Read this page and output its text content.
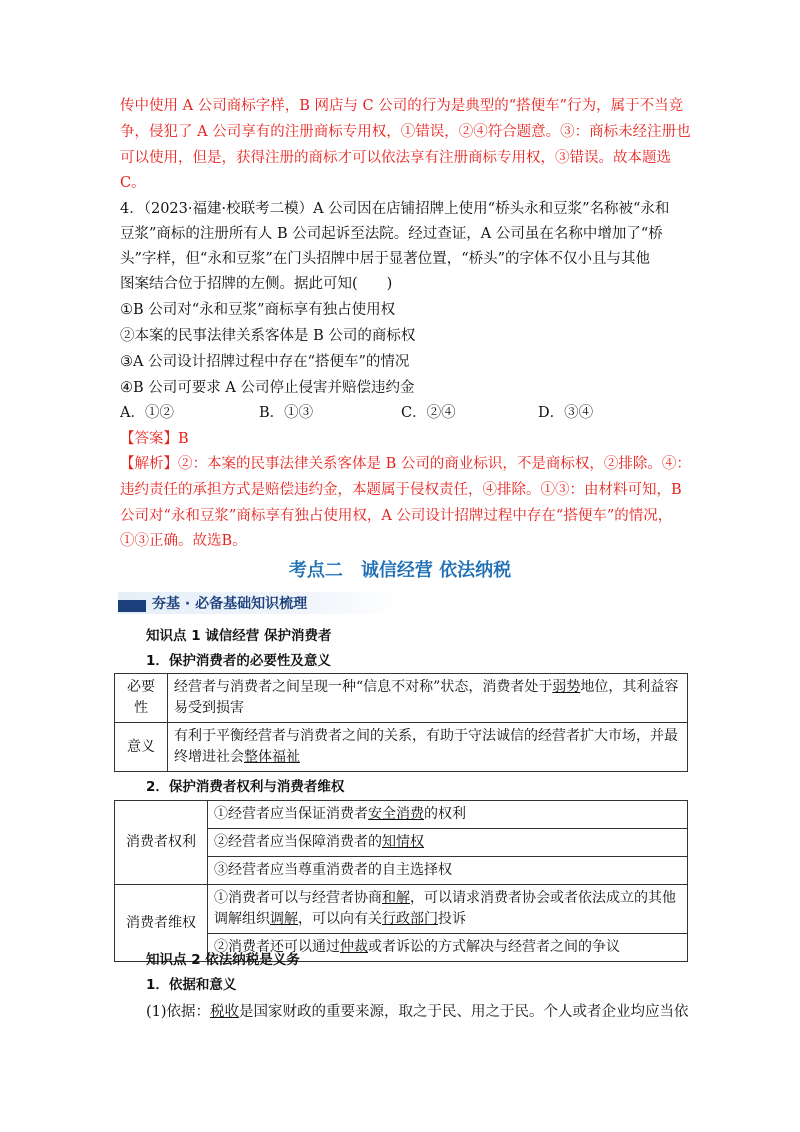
传中使用 A 公司商标字样，B 网店与 C 公司的行为是典型的“搭便车”行为，属于不当竞
争，侵犯了 A 公司享有的注册商标专用权，①错误，②④符合题意。③：商标未经注册也
可以使用，但是，获得注册的商标才可以依法享有注册商标专用权，③错误。故本题选
C。
4．（2023·福建·校联考二模）A 公司因在店铺招牌上使用“桥头永和豆浆”名称被“永和
豆浆”商标的注册所有人 B 公司起诉至法院。经过查证，A 公司虽在名称中增加了“桥
头”字样，但“永和豆浆”在门头招牌中居于显著位置，“桥头”的字体不仅小且与其他
图案结合位于招牌的左侧。据此可知(　　)
①B 公司对“永和豆浆”商标享有独占使用权
②本案的民事法律关系客体是 B 公司的商标权
③A 公司设计招牌过程中存在“搭便车”的情况
④B 公司可要求 A 公司停止侵害并赔偿违约金
A．①②	B．①③	C．②④	D．③④
【答案】B
【解析】②：本案的民事法律关系客体是 B 公司的商业标识，不是商标权，②排除。④：
违约责任的承担方式是赔偿违约金，本题属于侵权责任，④排除。①③：由材料可知，B
公司对“永和豆浆”商标享有独占使用权，A 公司设计招牌过程中存在“搭便车”的情况，
①③正确。故选B。
考点二　诚信经营 依法纳税
夯基 · 必备基础知识梳理
知识点 1 诚信经营 保护消费者
1．保护消费者的必要性及意义
必要性	经营者与消费者之间呈现一种“信息不对称”状态，消费者处于弱势地位，其利益容易受到损害
意义	有利于平衡经营者与消费者之间的关系，有助于守法诚信的经营者扩大市场，并最终增进社会整体福祉
2．保护消费者权利与消费者维权
消费者权利	①经营者应当保证消费者安全消费的权利
	②经营者应当保障消费者的知情权
	③经营者应当尊重消费者的自主选择权
消费者维权	①消费者可以与经营者协商和解，可以请求消费者协会或者依法成立的其他调解组织调解，可以向有关行政部门投诉
	②消费者还可以通过仲裁或者诉讼的方式解决与经营者之间的争议
知识点 2 依法纳税是义务
1．依据和意义
(1)依据：税收是国家财政的重要来源，取之于民、用之于民。个人或者企业均应当依
